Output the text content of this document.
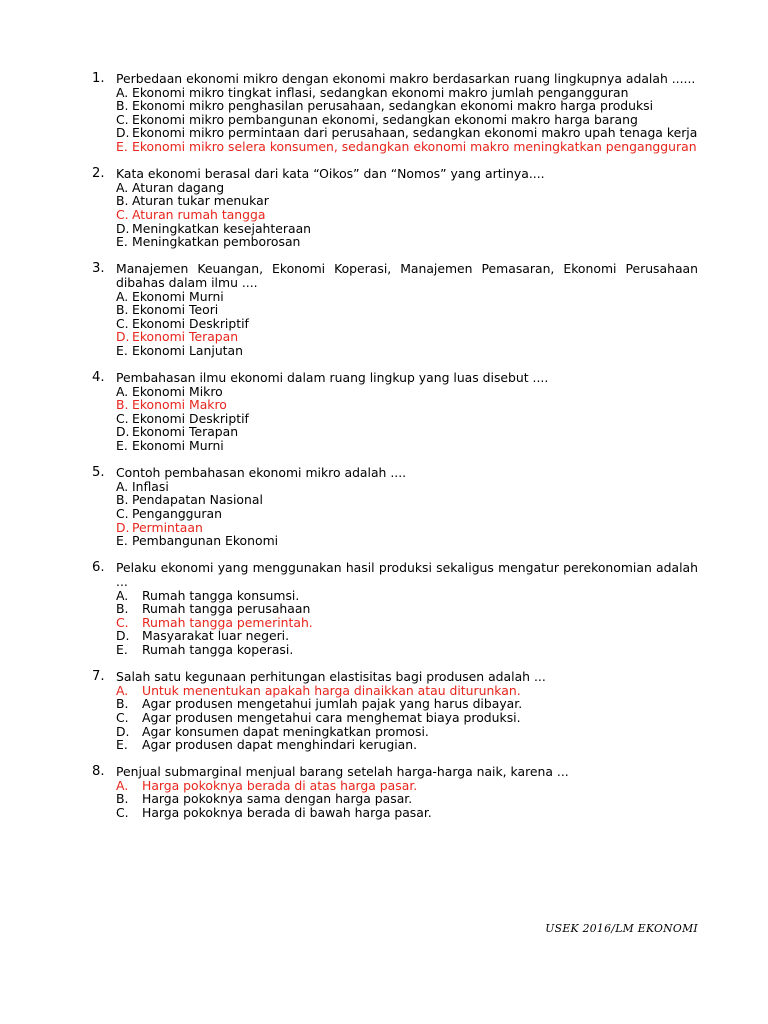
1. Perbedaan ekonomi mikro dengan ekonomi makro berdasarkan ruang lingkupnya adalah ......
A. Ekonomi mikro tingkat inflasi, sedangkan ekonomi makro jumlah pengangguran
B. Ekonomi mikro penghasilan perusahaan, sedangkan ekonomi makro harga produksi
C. Ekonomi mikro pembangunan ekonomi, sedangkan ekonomi makro harga barang
D. Ekonomi mikro permintaan dari perusahaan, sedangkan ekonomi makro upah tenaga kerja
E. Ekonomi mikro selera konsumen, sedangkan ekonomi makro meningkatkan pengangguran
2. Kata ekonomi berasal dari kata “Oikos” dan “Nomos” yang artinya....
A. Aturan dagang
B. Aturan tukar menukar
C. Aturan rumah tangga
D. Meningkatkan kesejahteraan
E. Meningkatkan pemborosan
3. Manajemen Keuangan, Ekonomi Koperasi, Manajemen Pemasaran, Ekonomi Perusahaan dibahas dalam ilmu ....
A. Ekonomi Murni
B. Ekonomi Teori
C. Ekonomi Deskriptif
D. Ekonomi Terapan
E. Ekonomi Lanjutan
4. Pembahasan ilmu ekonomi dalam ruang lingkup yang luas disebut ....
A. Ekonomi Mikro
B. Ekonomi Makro
C. Ekonomi Deskriptif
D. Ekonomi Terapan
E. Ekonomi Murni
5. Contoh pembahasan ekonomi mikro adalah ....
A. Inflasi
B. Pendapatan Nasional
C. Pengangguran
D. Permintaan
E. Pembangunan Ekonomi
6. Pelaku ekonomi yang menggunakan hasil produksi sekaligus mengatur perekonomian adalah ...
A.	Rumah tangga konsumsi.
B.	Rumah tangga perusahaan
C.	Rumah tangga pemerintah.
D.	Masyarakat luar negeri.
E.	Rumah tangga koperasi.
7. Salah satu kegunaan perhitungan elastisitas bagi produsen adalah ...
A.	Untuk menentukan apakah harga dinaikkan atau diturunkan.
B.	Agar produsen mengetahui jumlah pajak yang harus dibayar.
C.	Agar produsen mengetahui cara menghemat biaya produksi.
D.	Agar konsumen dapat meningkatkan promosi.
E.	Agar produsen dapat menghindari kerugian.
8. Penjual submarginal menjual barang setelah harga-harga naik, karena ...
A.	Harga pokoknya berada di atas harga pasar.
B.	Harga pokoknya sama dengan harga pasar.
C.	Harga pokoknya berada di bawah harga pasar.
USEK 2016/LM EKONOMI
